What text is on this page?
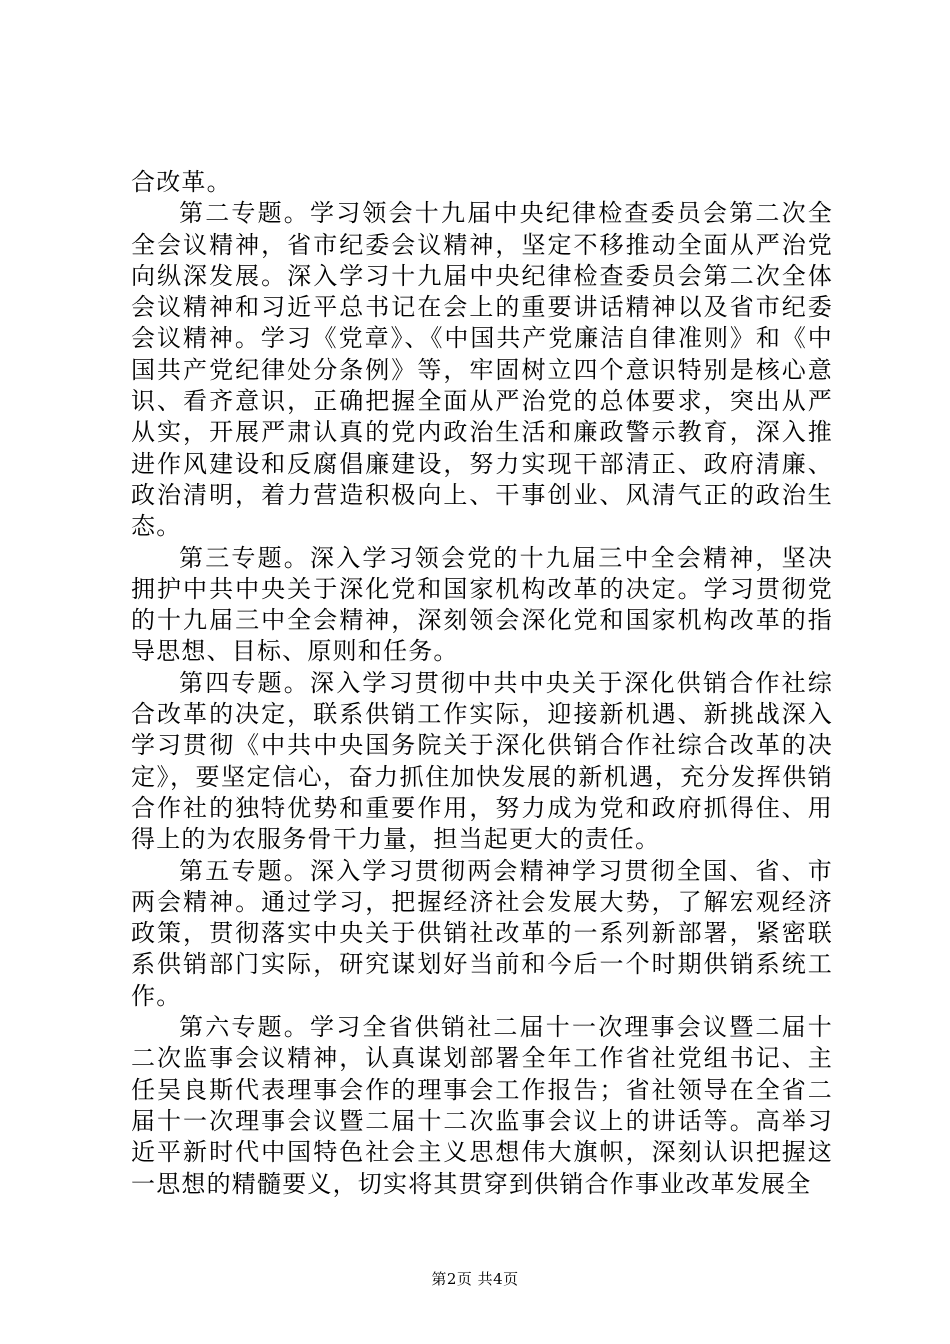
合改革。

第二专题。学习领会十九届中央纪律检查委员会第二次全全会议精神，省市纪委会议精神，坚定不移推动全面从严治党向纵深发展。深入学习十九届中央纪律检查委员会第二次全体会议精神和习近平总书记在会上的重要讲话精神以及省市纪委会议精神。学习《党章》、《中国共产党廉洁自律准则》和《中国共产党纪律处分条例》等，牢固树立四个意识特别是核心意识、看齐意识，正确把握全面从严治党的总体要求，突出从严从实，开展严肃认真的党内政治生活和廉政警示教育，深入推进作风建设和反腐倡廉建设，努力实现干部清正、政府清廉、政治清明，着力营造积极向上、干事创业、风清气正的政治生态。

第三专题。深入学习领会党的十九届三中全会精神，坚决拥护中共中央关于深化党和国家机构改革的决定。学习贯彻党的十九届三中全会精神，深刻领会深化党和国家机构改革的指导思想、目标、原则和任务。

第四专题。深入学习贯彻中共中央关于深化供销合作社综合改革的决定，联系供销工作实际，迎接新机遇、新挑战深入学习贯彻《中共中央国务院关于深化供销合作社综合改革的决定》，要坚定信心，奋力抓住加快发展的新机遇，充分发挥供销合作社的独特优势和重要作用，努力成为党和政府抓得住、用得上的为农服务骨干力量，担当起更大的责任。

第五专题。深入学习贯彻两会精神学习贯彻全国、省、市两会精神。通过学习，把握经济社会发展大势，了解宏观经济政策，贯彻落实中央关于供销社改革的一系列新部署，紧密联系供销部门实际，研究谋划好当前和今后一个时期供销系统工作。

第六专题。学习全省供销社二届十一次理事会议暨二届十二次监事会议精神，认真谋划部署全年工作省社党组书记、主任吴良斯代表理事会作的理事会工作报告；省社领导在全省二届十一次理事会议暨二届十二次监事会议上的讲话等。高举习近平新时代中国特色社会主义思想伟大旗帜，深刻认识把握这一思想的精髓要义，切实将其贯穿到供销合作事业改革发展全

第2页 共4页
